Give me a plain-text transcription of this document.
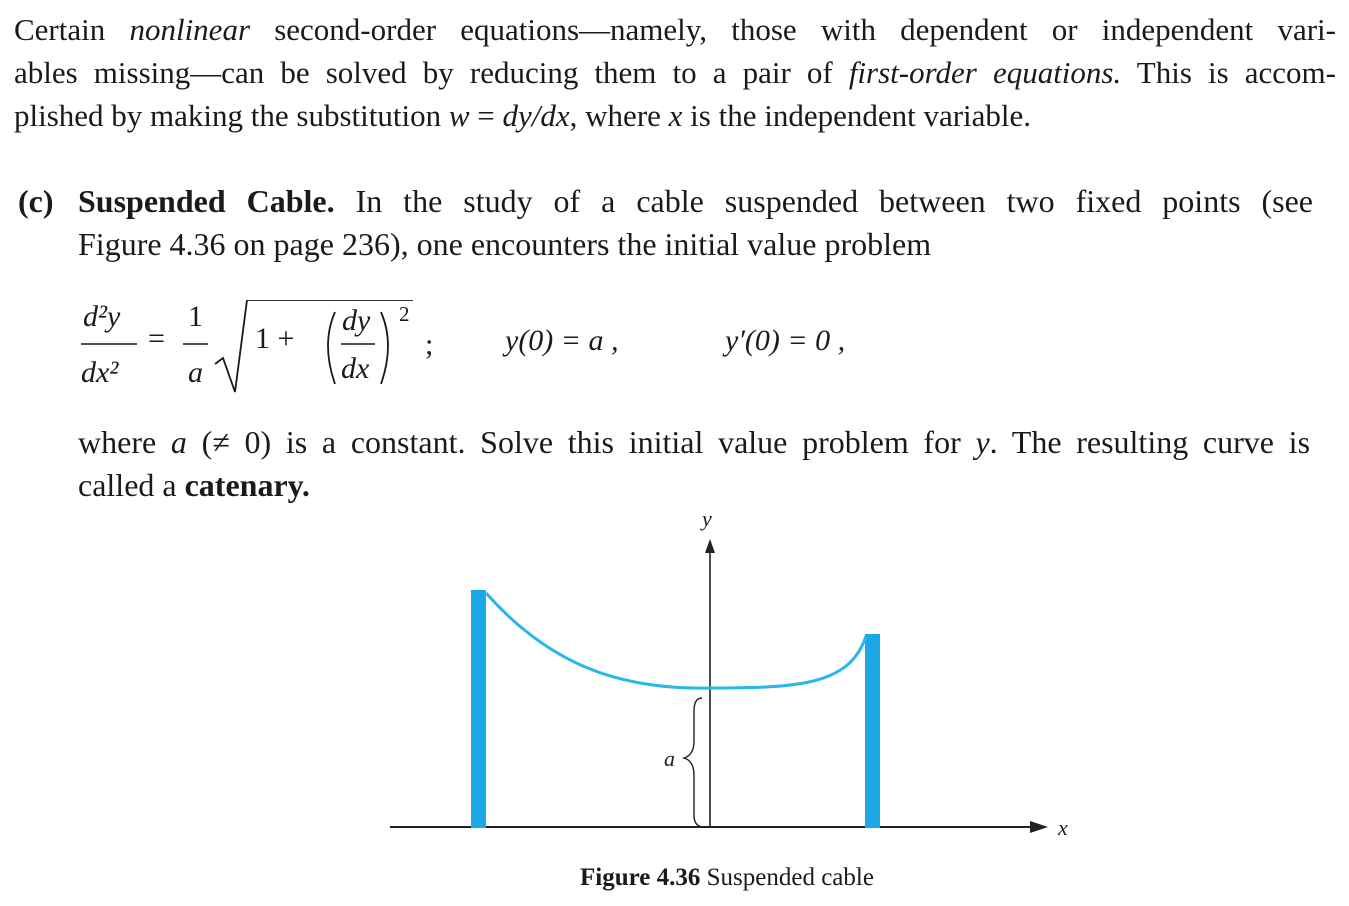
Certain nonlinear second-order equations—namely, those with dependent or independent vari-
ables missing—can be solved by reducing them to a pair of first-order equations. This is accom-
plished by making the substitution w = dy/dx, where x is the independent variable.
(c) Suspended Cable. In the study of a cable suspended between two fixed points (see
Figure 4.36 on page 236), one encounters the initial value problem
d²y
dx²
=
1
a
1 +
dy
dx
2
; y(0) = a ,	y′(0) = 0 ,
where a (≠ 0) is a constant. Solve this initial value problem for y. The resulting curve is
called a catenary.
a
y
x
Figure 4.36 Suspended cable
